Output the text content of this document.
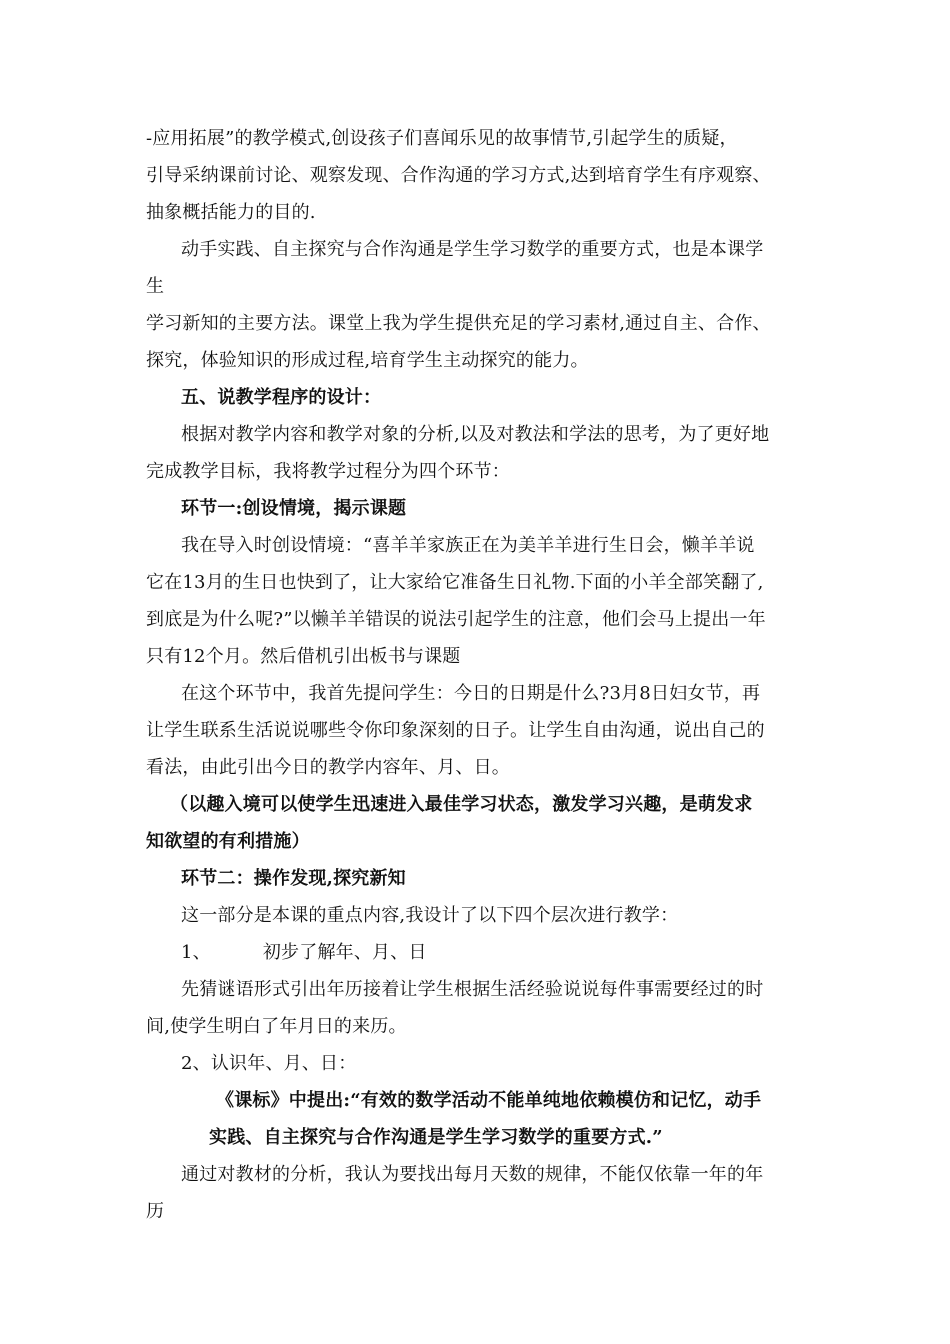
-应用拓展”的教学模式,创设孩子们喜闻乐见的故事情节,引起学生的质疑，
引导采纳课前讨论、观察发现、合作沟通的学习方式,达到培育学生有序观察、
抽象概括能力的目的.
动手实践、自主探究与合作沟通是学生学习数学的重要方式，也是本课学
生
学习新知的主要方法。课堂上我为学生提供充足的学习素材,通过自主、合作、
探究，体验知识的形成过程,培育学生主动探究的能力。
五、说教学程序的设计：
根据对教学内容和教学对象的分析,以及对教法和学法的思考，为了更好地
完成教学目标，我将教学过程分为四个环节：
环节一:创设情境，揭示课题
我在导入时创设情境：“喜羊羊家族正在为美羊羊进行生日会，懒羊羊说
它在13月的生日也快到了，让大家给它准备生日礼物.下面的小羊全部笑翻了,
到底是为什么呢?”以懒羊羊错误的说法引起学生的注意，他们会马上提出一年
只有12个月。然后借机引出板书与课题
在这个环节中，我首先提问学生：今日的日期是什么?3月8日妇女节，再
让学生联系生活说说哪些令你印象深刻的日子。让学生自由沟通，说出自己的
看法，由此引出今日的教学内容年、月、日。
（以趣入境可以使学生迅速进入最佳学习状态，激发学习兴趣，是萌发求
知欲望的有利措施）
环节二：操作发现,探究新知
这一部分是本课的重点内容,我设计了以下四个层次进行教学：
1、	初步了解年、月、日
先猜谜语形式引出年历接着让学生根据生活经验说说每件事需要经过的时
间,使学生明白了年月日的来历。
2、认识年、月、日：
《课标》中提出:“有效的数学活动不能单纯地依赖模仿和记忆，动手
实践、自主探究与合作沟通是学生学习数学的重要方式.”
通过对教材的分析，我认为要找出每月天数的规律，不能仅依靠一年的年
历
